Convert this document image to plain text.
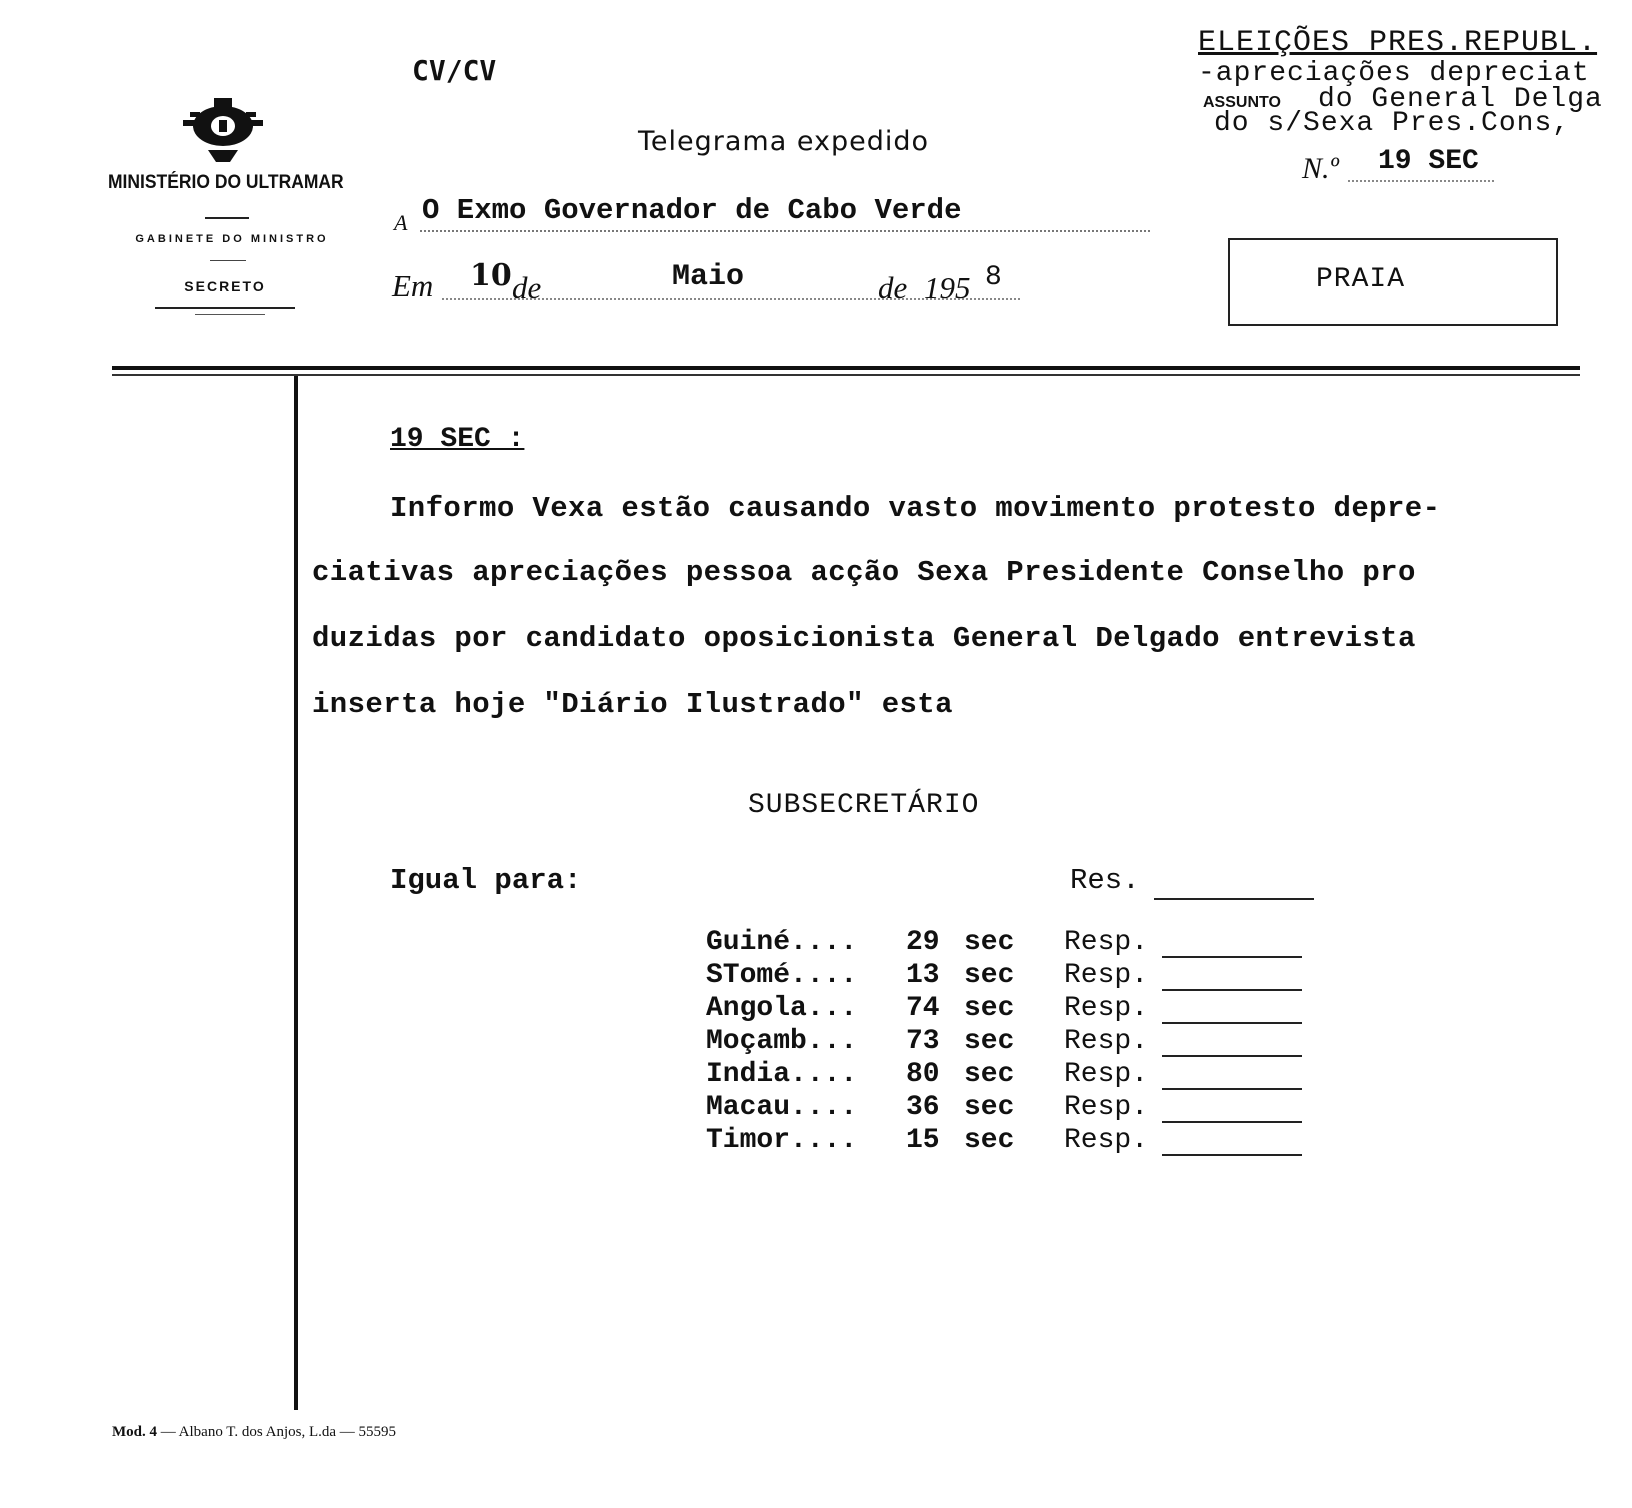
MINISTÉRIO DO ULTRAMAR
GABINETE DO MINISTRO
SECRETO
CV/CV
Telegrama expedido
A O Exmo Governador de Cabo Verde
Em 10 de	Maio	de 195 8
ELEIÇÕES PRES.REPUBL.
-apreciações depreciat
ASSUNTO do General Delga
do s/Sexa Pres.Cons,
N.º 19 SEC
PRAIA
19 SEC :
Informo Vexa estão causando vasto movimento protesto depre-
ciativas apreciações pessoa acção Sexa Presidente Conselho pro
duzidas por candidato oposicionista General Delgado entrevista
inserta hoje "Diário Ilustrado" esta
SUBSECRETÁRIO
Igual para:	Res.
Guiné....	29	sec	Resp.	

STomé....	13	sec	Resp.	

Angola...	74	sec	Resp.	

Moçamb...	73	sec	Resp.	

India....	80	sec	Resp.	

Macau....	36	sec	Resp.	

Timor....	15	sec	Resp.	
Mod. 4 — Albano T. dos Anjos, L.da — 55595
